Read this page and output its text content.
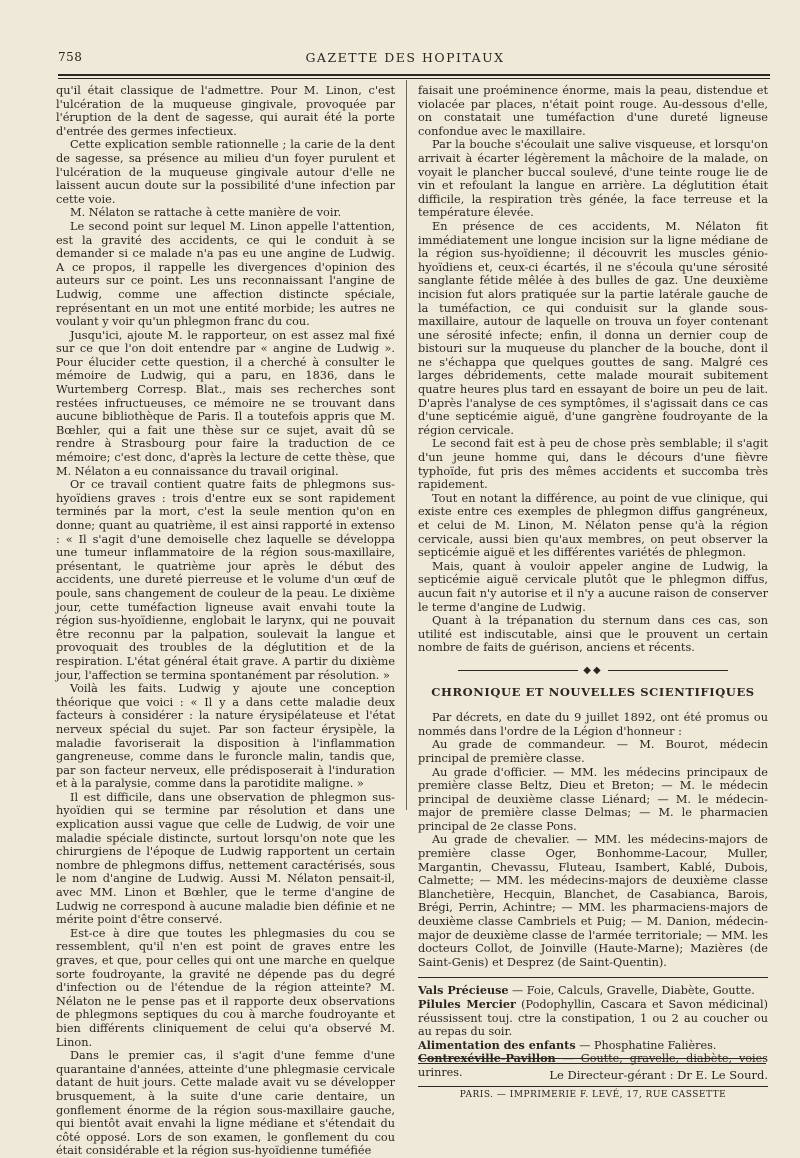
758	GAZETTE DES HOPITAUX

qu'il était classique de l'admettre. Pour M. Linon, c'est l'ulcération de la muqueuse gingivale, provoquée par l'éruption de la dent de sagesse, qui aurait été la porte d'entrée des germes infectieux.

Cette explication semble rationnelle ; la carie de la dent de sagesse, sa présence au milieu d'un foyer purulent et l'ulcération de la muqueuse gingivale autour d'elle ne laissent aucun doute sur la possibilité d'une infection par cette voie.

M. Nélaton se rattache à cette manière de voir.

Le second point sur lequel M. Linon appelle l'attention, est la gravité des accidents, ce qui le conduit à se demander si ce malade n'a pas eu une angine de Ludwig. A ce propos, il rappelle les divergences d'opinion des auteurs sur ce point. Les uns reconnaissant l'angine de Ludwig, comme une affection distincte spéciale, représentant en un mot une entité morbide; les autres ne voulant y voir qu'un phlegmon franc du cou.

Jusqu'ici, ajoute M. le rapporteur, on est assez mal fixé sur ce que l'on doit entendre par « angine de Ludwig ». Pour élucider cette question, il a cherché à consulter le mémoire de Ludwig, qui a paru, en 1836, dans le Wurtemberg Corresp. Blat., mais ses recherches sont restées infructueuses, ce mémoire ne se trouvant dans aucune bibliothèque de Paris. Il a toutefois appris que M. Bœhler, qui a fait une thèse sur ce sujet, avait dû se rendre à Strasbourg pour faire la traduction de ce mémoire; c'est donc, d'après la lecture de cette thèse, que M. Nélaton a eu connaissance du travail original.

Or ce travail contient quatre faits de phlegmons sus-hyoïdiens graves : trois d'entre eux se sont rapidement terminés par la mort, c'est la seule mention qu'on en donne; quant au quatrième, il est ainsi rapporté in extenso : « Il s'agit d'une demoiselle chez laquelle se développa une tumeur inflammatoire de la région sous-maxillaire, présentant, le quatrième jour après le début des accidents, une dureté pierreuse et le volume d'un œuf de poule, sans changement de couleur de la peau. Le dixième jour, cette tuméfaction ligneuse avait envahi toute la région sus-hyoïdienne, englobait le larynx, qui ne pouvait être reconnu par la palpation, soulevait la langue et provoquait des troubles de la déglutition et de la respiration. L'état général était grave. A partir du dixième jour, l'affection se termina spontanément par résolution. »

Voilà les faits. Ludwig y ajoute une conception théorique que voici : « Il y a dans cette maladie deux facteurs à considérer : la nature érysipélateuse et l'état nerveux spécial du sujet. Par son facteur érysipèle, la maladie favoriserait la disposition à l'inflammation gangreneuse, comme dans le furoncle malin, tandis que, par son facteur nerveux, elle prédisposerait à l'induration et à la paralysie, comme dans la parotidite maligne. »

Il est difficile, dans une observation de phlegmon sus-hyoïdien qui se termine par résolution et dans une explication aussi vague que celle de Ludwig, de voir une maladie spéciale distincte, surtout lorsqu'on note que les chirurgiens de l'époque de Ludwig rapportent un certain nombre de phlegmons diffus, nettement caractérisés, sous le nom d'angine de Ludwig. Aussi M. Nélaton pensait-il, avec MM. Linon et Bœhler, que le terme d'angine de Ludwig ne correspond à aucune maladie bien définie et ne mérite point d'être conservé.

Est-ce à dire que toutes les phlegmasies du cou se ressemblent, qu'il n'en est point de graves entre les graves, et que, pour celles qui ont une marche en quelque sorte foudroyante, la gravité ne dépende pas du degré d'infection ou de l'étendue de la région atteinte? M. Nélaton ne le pense pas et il rapporte deux observations de phlegmons septiques du cou à marche foudroyante et bien différents cliniquement de celui qu'a observé M. Linon.

Dans le premier cas, il s'agit d'une femme d'une quarantaine d'années, atteinte d'une phlegmasie cervicale datant de huit jours. Cette malade avait vu se développer brusquement, à la suite d'une carie dentaire, un gonflement énorme de la région sous-maxillaire gauche, qui bientôt avait envahi la ligne médiane et s'étendait du côté opposé. Lors de son examen, le gonflement du cou était considérable et la région sus-hyoïdienne tuméfiée

faisait une proéminence énorme, mais la peau, distendue et violacée par places, n'était point rouge. Au-dessous d'elle, on constatait une tuméfaction d'une dureté ligneuse confondue avec le maxillaire.

Par la bouche s'écoulait une salive visqueuse, et lorsqu'on arrivait à écarter légèrement la mâchoire de la malade, on voyait le plancher buccal soulevé, d'une teinte rouge lie de vin et refoulant la langue en arrière. La déglutition était difficile, la respiration très génée, la face terreuse et la température élevée.

En présence de ces accidents, M. Nélaton fit immédiatement une longue incision sur la ligne médiane de la région sus-hyoïdienne; il découvrit les muscles génio-hyoïdiens et, ceux-ci écartés, il ne s'écoula qu'une sérosité sanglante fétide mêlée à des bulles de gaz. Une deuxième incision fut alors pratiquée sur la partie latérale gauche de la tuméfaction, ce qui conduisit sur la glande sous-maxillaire, autour de laquelle on trouva un foyer contenant une sérosité infecte; enfin, il donna un dernier coup de bistouri sur la muqueuse du plancher de la bouche, dont il ne s'échappa que quelques gouttes de sang. Malgré ces larges débridements, cette malade mourait subitement quatre heures plus tard en essayant de boire un peu de lait. D'après l'analyse de ces symptômes, il s'agissait dans ce cas d'une septicémie aiguë, d'une gangrène foudroyante de la région cervicale.

Le second fait est à peu de chose près semblable; il s'agit d'un jeune homme qui, dans le décours d'une fièvre typhoïde, fut pris des mêmes accidents et succomba très rapidement.

Tout en notant la différence, au point de vue clinique, qui existe entre ces exemples de phlegmon diffus gangréneux, et celui de M. Linon, M. Nélaton pense qu'à la région cervicale, aussi bien qu'aux membres, on peut observer la septicémie aiguë et les différentes variétés de phlegmon.

Mais, quant à vouloir appeler angine de Ludwig, la septicémie aiguë cervicale plutôt que le phlegmon diffus, aucun fait n'y autorise et il n'y a aucune raison de conserver le terme d'angine de Ludwig.

Quant à la trépanation du sternum dans ces cas, son utilité est indiscutable, ainsi que le prouvent un certain nombre de faits de guérison, anciens et récents.

◆◆
CHRONIQUE ET NOUVELLES SCIENTIFIQUES

Par décrets, en date du 9 juillet 1892, ont été promus ou nommés dans l'ordre de la Légion d'honneur :

Au grade de commandeur. — M. Bourot, médecin principal de première classe.

Au grade d'officier. — MM. les médecins principaux de première classe Beltz, Dieu et Breton; — M. le médecin principal de deuxième classe Liénard; — M. le médecin-major de première classe Delmas; — M. le pharmacien principal de 2e classe Pons.

Au grade de chevalier. — MM. les médecins-majors de première classe Oger, Bonhomme-Lacour, Muller, Margantin, Chevassu, Fluteau, Isambert, Kablé, Dubois, Calmette; — MM. les médecins-majors de deuxième classe Blanchetière, Hecquin, Blanchet, de Casabianca, Barois, Brégi, Perrin, Achintre; — MM. les pharmaciens-majors de deuxième classe Cambriels et Puig; — M. Danion, médecin-major de deuxième classe de l'armée territoriale; — MM. les docteurs Collot, de Joinville (Haute-Marne); Mazières (de Saint-Genis) et Desprez (de Saint-Quentin).

Vals Précieuse — Foie, Calculs, Gravelle, Diabète, Goutte.
Pilules Mercier (Podophyllin, Cascara et Savon médicinal) réussissent touj. ctre la constipation, 1 ou 2 au coucher ou au repas du soir.
Alimentation des enfants — Phosphatine Falières.
Contrexéville-Pavillon — Goutte, gravelle, diabète, voies urinres.	Le Directeur-gérant : Dr E. Le Sourd.
PARIS. — IMPRIMERIE F. LEVÉ, 17, RUE CASSETTE
